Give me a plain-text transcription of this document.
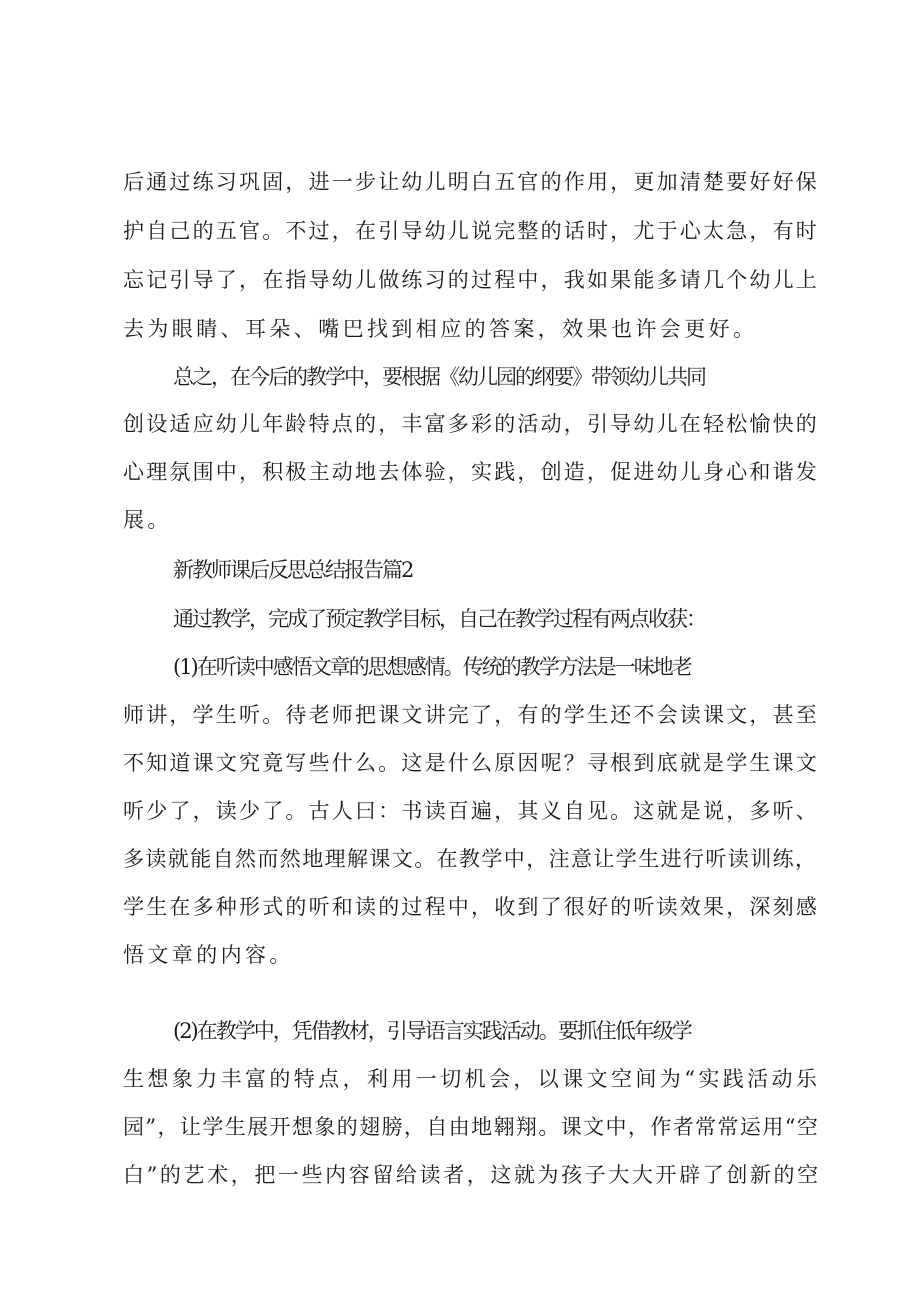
后通过练习巩固，进一步让幼儿明白五官的作用，更加清楚要好好保

护自己的五官。不过，在引导幼儿说完整的话时，尤于心太急，有时

忘记引导了，在指导幼儿做练习的过程中，我如果能多请几个幼儿上

去为眼睛、耳朵、嘴巴找到相应的答案，效果也许会更好。

总之，在今后的教学中，要根据《幼儿园的纲要》带领幼儿共同

创设适应幼儿年龄特点的，丰富多彩的活动，引导幼儿在轻松愉快的

心理氛围中，积极主动地去体验，实践，创造，促进幼儿身心和谐发

展。

新教师课后反思总结报告篇2

通过教学，完成了预定教学目标，自己在教学过程有两点收获：

(1)在听读中感悟文章的思想感情。传统的教学方法是一味地老

师讲，学生听。待老师把课文讲完了，有的学生还不会读课文，甚至

不知道课文究竟写些什么。这是什么原因呢？寻根到底就是学生课文

听少了，读少了。古人曰：书读百遍，其义自见。这就是说，多听、

多读就能自然而然地理解课文。在教学中，注意让学生进行听读训练，

学生在多种形式的听和读的过程中，收到了很好的听读效果，深刻感

悟文章的内容。

(2)在教学中，凭借教材，引导语言实践活动。要抓住低年级学

生想象力丰富的特点，利用一切机会，以课文空间为“实践活动乐

园”，让学生展开想象的翅膀，自由地翱翔。课文中，作者常常运用“空

白”的艺术，把一些内容留给读者，这就为孩子大大开辟了创新的空
